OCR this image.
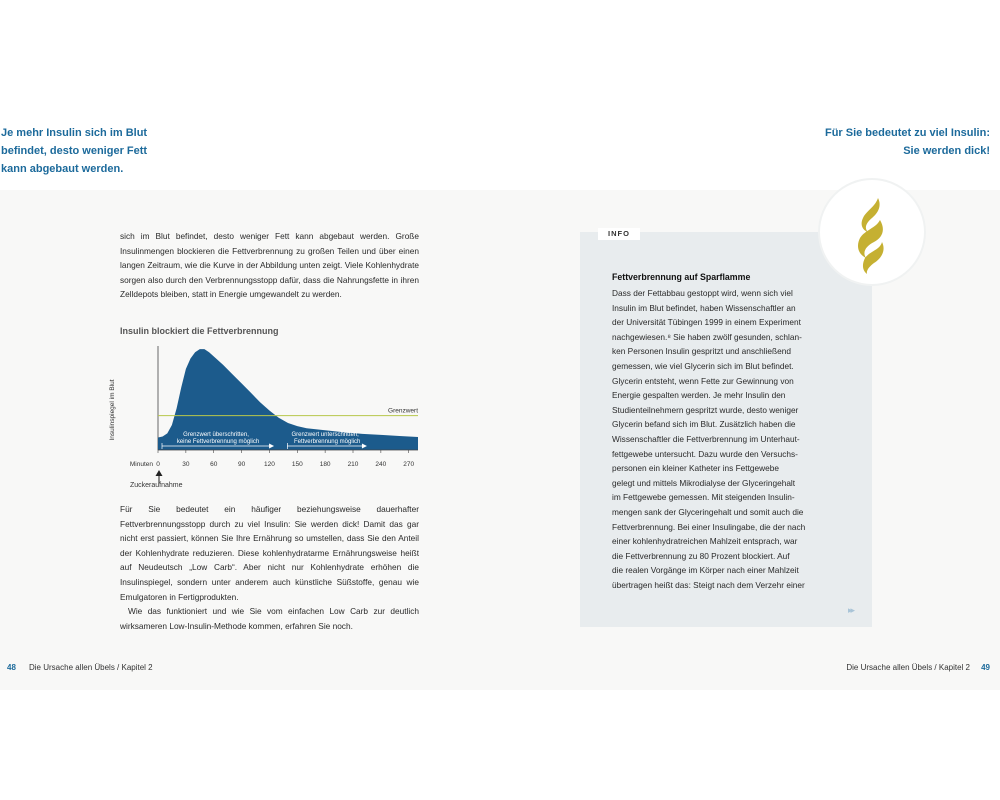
Je mehr Insulin sich im Blut
befindet, desto weniger Fett
kann abgebaut werden.
Für Sie bedeutet zu viel Insulin:
Sie werden dick!

sich im Blut befindet, desto weniger Fett kann abgebaut werden. Große Insulinmengen blockieren die Fettverbrennung zu großen Teilen und über einen langen Zeitraum, wie die Kurve in der Abbildung unten zeigt. Viele Kohlenhydrate sorgen also durch den Verbrennungsstopp dafür, dass die Nahrungsfette in ihren Zelldepots bleiben, statt in Energie umgewandelt zu werden.

Insulin blockiert die Fettverbrennung
Insulinspiegel im Blut	Grenzwert
Minuten 0	30	60	90	120	150	180	210	240	270
Grenzwert überschritten,
keine Fettverbrennung möglich
Grenzwert unterschritten,
Fettverbrennung möglich
Zuckeraufnahme

Für Sie bedeutet ein häufiger beziehungsweise dauerhafter Fettverbrennungsstopp durch zu viel Insulin: Sie werden dick! Damit das gar nicht erst passiert, können Sie Ihre Ernährung so umstellen, dass Sie den Anteil der Kohlenhydrate reduzieren. Diese kohlenhydratarme Ernährungsweise heißt auf Neudeutsch „Low Carb“. Aber nicht nur Kohlenhydrate erhöhen die Insulinspiegel, sondern unter anderem auch künstliche Süßstoffe, genau wie Emulgatoren in Fertigprodukten.

Wie das funktioniert und wie Sie vom einfachen Low Carb zur deutlich wirksameren Low-Insulin-Methode kommen, erfahren Sie noch.

INFO
Fettverbrennung auf Sparflamme
Dass der Fettabbau gestoppt wird, wenn sich viel
Insulin im Blut befindet, haben Wissenschaftler an
der Universität Tübingen 1999 in einem Experiment
nachgewiesen.⁸ Sie haben zwölf gesunden, schlan-
ken Personen Insulin gespritzt und anschließend
gemessen, wie viel Glycerin sich im Blut befindet.
Glycerin entsteht, wenn Fette zur Gewinnung von
Energie gespalten werden. Je mehr Insulin den
Studienteilnehmern gespritzt wurde, desto weniger
Glycerin befand sich im Blut. Zusätzlich haben die
Wissenschaftler die Fettverbrennung im Unterhaut-
fettgewebe untersucht. Dazu wurde den Versuchs-
personen ein kleiner Katheter ins Fettgewebe
gelegt und mittels Mikrodialyse der Glyceringehalt
im Fettgewebe gemessen. Mit steigenden Insulin-
mengen sank der Glyceringehalt und somit auch die
Fettverbrennung. Bei einer Insulingabe, die der nach
einer kohlenhydratreichen Mahlzeit entsprach, war
die Fettverbrennung zu 80 Prozent blockiert. Auf
die realen Vorgänge im Körper nach einer Mahlzeit
übertragen heißt das: Steigt nach dem Verzehr einer
▸▸
48 Die Ursache allen Übels / Kapitel 2	Die Ursache allen Übels / Kapitel 2 49
